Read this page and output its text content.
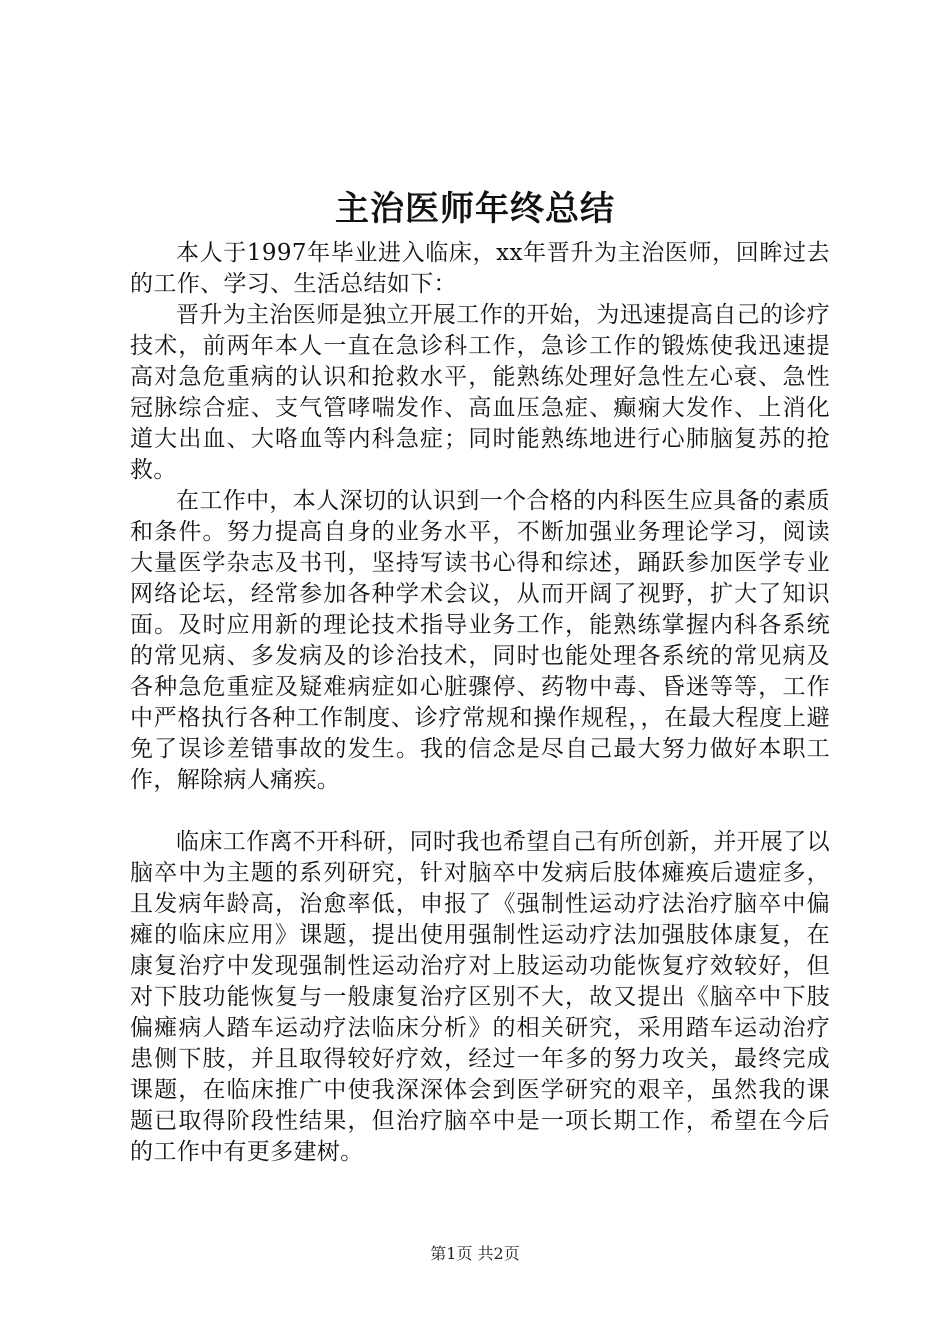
主治医师年终总结

本人于1997年毕业进入临床，xx年晋升为主治医师，回眸过去的工作、学习、生活总结如下：

晋升为主治医师是独立开展工作的开始，为迅速提高自己的诊疗技术，前两年本人一直在急诊科工作，急诊工作的锻炼使我迅速提高对急危重病的认识和抢救水平，能熟练处理好急性左心衰、急性冠脉综合症、支气管哮喘发作、高血压急症、癫痫大发作、上消化道大出血、大咯血等内科急症；同时能熟练地进行心肺脑复苏的抢救。

在工作中，本人深切的认识到一个合格的内科医生应具备的素质和条件。努力提高自身的业务水平，不断加强业务理论学习，阅读大量医学杂志及书刊，坚持写读书心得和综述，踊跃参加医学专业网络论坛，经常参加各种学术会议，从而开阔了视野，扩大了知识面。及时应用新的理论技术指导业务工作，能熟练掌握内科各系统的常见病、多发病及的诊治技术，同时也能处理各系统的常见病及各种急危重症及疑难病症如心脏骤停、药物中毒、昏迷等等，工作中严格执行各种工作制度、诊疗常规和操作规程，，在最大程度上避免了误诊差错事故的发生。我的信念是尽自己最大努力做好本职工作，解除病人痛疾。

临床工作离不开科研，同时我也希望自己有所创新，并开展了以脑卒中为主题的系列研究，针对脑卒中发病后肢体瘫痪后遗症多，且发病年龄高，治愈率低，申报了《强制性运动疗法治疗脑卒中偏瘫的临床应用》课题，提出使用强制性运动疗法加强肢体康复，在康复治疗中发现强制性运动治疗对上肢运动功能恢复疗效较好，但对下肢功能恢复与一般康复治疗区别不大，故又提出《脑卒中下肢偏瘫病人踏车运动疗法临床分析》的相关研究，采用踏车运动治疗患侧下肢，并且取得较好疗效，经过一年多的努力攻关，最终完成课题，在临床推广中使我深深体会到医学研究的艰辛，虽然我的课题已取得阶段性结果，但治疗脑卒中是一项长期工作，希望在今后的工作中有更多建树。

第1页 共2页
